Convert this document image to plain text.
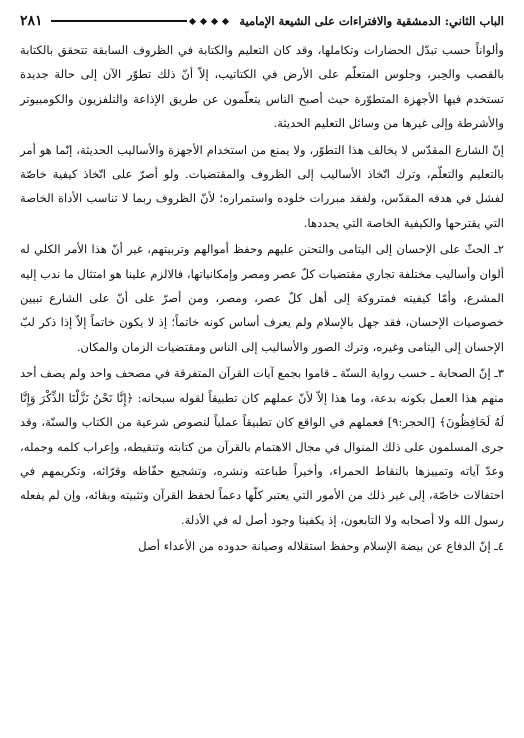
الباب الثاني: الدمشقية والافتراءات على الشيعة الإمامية
٢٨١

وألواناً حسب تبدّل الحضارات وتكاملها، وقد كان التعليم والكتابة في الظروف السابقة تتحقق بالكتابة بالقصب والحِبر، وجلوس المتعلّم على الأرض في الكتاتيب، إلاّ أنّ ذلك تطوّر الآن إلى حالة جديدة تستخدم فيها الأجهزة المتطوّرة حيث أصبح الناس يتعلّمون عن طريق الإذاعة والتلفزيون والكومبيوتر والأشرطة وإلى غيرها من وسائل التعليم الحديثة.

إنّ الشارع المقدّس لا يخالف هذا التطوّر، ولا يمنع من استخدام الأجهزة والأساليب الحديثة، إنّما هو أمر بالتعليم والتعلّم، وترك اتّخاذ الأساليب إلى الظروف والمقتضيات. ولو أصرّ على اتّخاذ كيفية خاصّة لفشل في هدفه المقدّس، ولفقد مبررات خلوده واستمراره؛ لأنّ الظروف ربما لا تناسب الأداة الخاصة التي يقترحها والكيفية الخاصة التي يحددها.

٢ـ الحثّ على الإحسان إلى اليتامى والتحنن عليهم وحفظ أموالهم وتربيتهم، غير أنّ هذا الأمر الكلي له ألوان وأساليب مختلفة تجاري مقتضيات كلّ عصر ومصر وإمكانياتها، فالالزم علينا هو امتثال ما ندب إليه المشرع، وأمّا كيفيته فمتروكة إلى أهل كلّ عصر، ومصر، ومن أصرّ على أنّ على الشارع تبيين خصوصيات الإحسان، فقد جهل بالإسلام ولم يعرف أساس كونه خاتماً؛ إذ لا يكون خاتماً إلاّ إذا ذكر لبّ الإحسان إلى اليتامى وغيره، وترك الصور والأساليب إلى الناس ومقتضيات الزمان والمكان.

٣ـ إنّ الصحابة ـ حسب رواية السنّة ـ قاموا بجمع آيات القرآن المتفرقة في مصحف واحد ولم يصف أحد منهم هذا العمل بكونه بدعة، وما هذا إلاّ لأنّ عملهم كان تطبيقاً لقوله سبحانه: ﴿إِنَّا نَحْنُ نَزَّلْنَا الذِّكْرَ وَإِنَّا لَهُ لَحَافِظُونَ﴾ [الحجر:٩] فعملهم في الواقع كان تطبيقاً عملياً لنصوص شرعية من الكتاب والسنّة، وقد جرى المسلمون على ذلك المنوال في مجال الاهتمام بالقرآن من كتابته وتنقيطه، وإعراب كلمه وجمله، وعدّ آياته وتمييزها بالنقاط الحمراء، وأخيراً طباعته ونشره، وتشجيع حفّاظه وقرّائه، وتكريمهم في احتفالات خاصّة، إلى غير ذلك من الأمور التي يعتبر كلّها دعماً لحفظ القرآن وتثبيته وبقائه، وإن لم يفعله رسول الله ولا أصحابه ولا التابعون، إذ يكفينا وجود أصل له في الأدلة.

٤ـ إنّ الدفاع عن بيضة الإسلام وحفظ استقلاله وصيانة حدوده من الأعداء أصل
